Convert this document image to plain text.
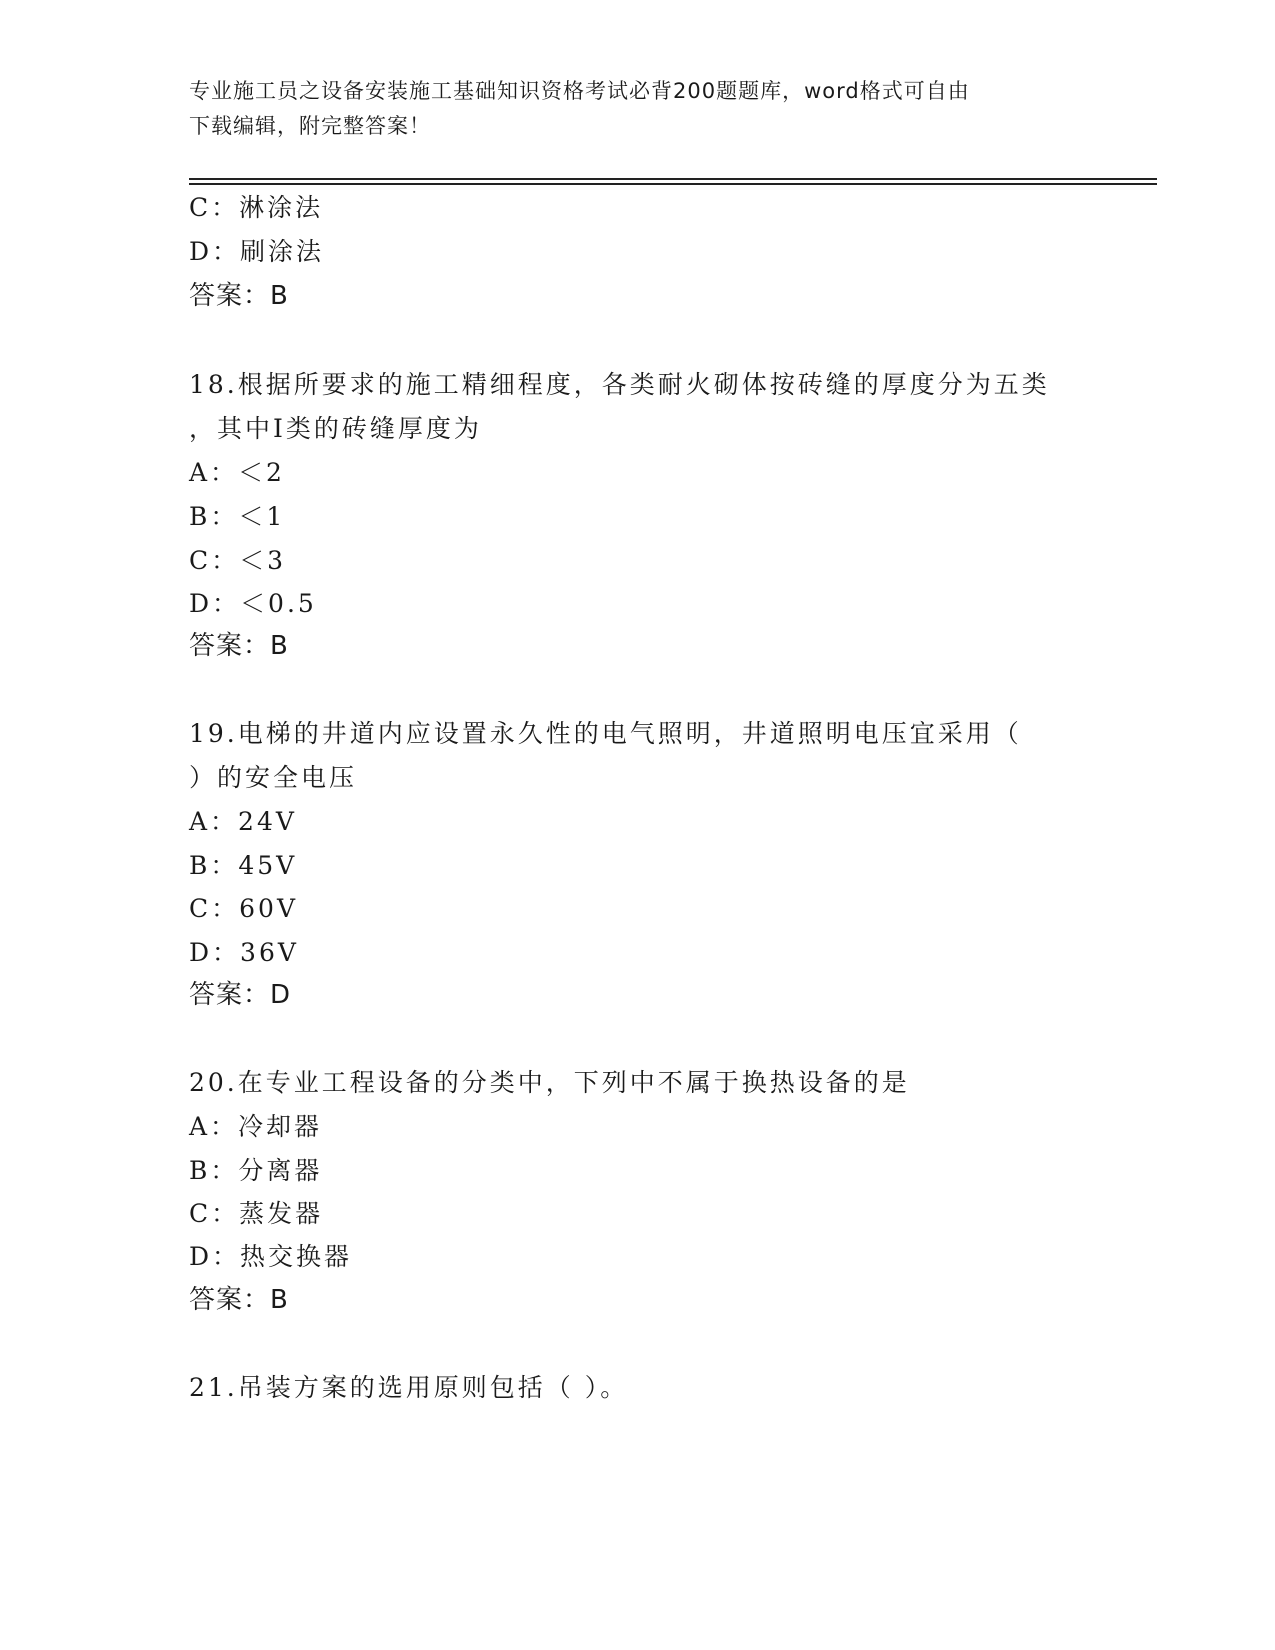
专业施工员之设备安装施工基础知识资格考试必背200题题库，word格式可自由
下载编辑，附完整答案！
C：淋涂法
D：刷涂法
答案：B
18.根据所要求的施工精细程度，各类耐火砌体按砖缝的厚度分为五类
，其中Ⅰ类的砖缝厚度为
A：＜2
B：＜1
C：＜3
D：＜0.5
答案：B
19.电梯的井道内应设置永久性的电气照明，井道照明电压宜采用（
）的安全电压
A：24V
B：45V
C：60V
D：36V
答案：D
20.在专业工程设备的分类中，下列中不属于换热设备的是
A：冷却器
B：分离器
C：蒸发器
D：热交换器
答案：B
21.吊装方案的选用原则包括（ ）。
